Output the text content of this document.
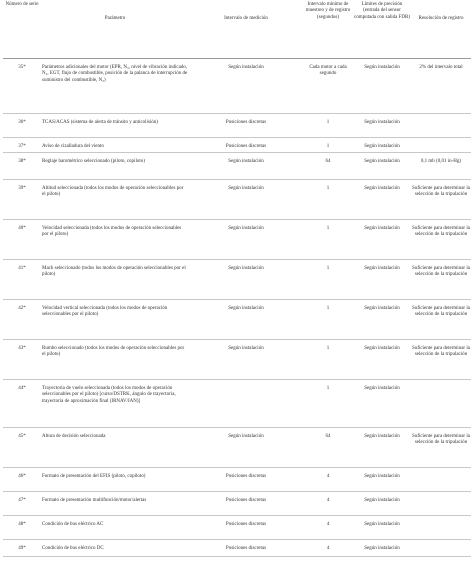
Número de serie	Parámetro	Intervalo de medición	Intervalo mínimo de muestreo y de registro (segundos)	Límites de precisión (entrada del sensor computada con salida FDR)	Resolución de registro

35*	Parámetros adicionales del motor (EPR, N₃, nivel de vibración indicado, N₂, EGT, flujo de combustible, posición de la palanca de interrupción de suministro del combustible, N₃)	Según instalación	Cada motor a cada segundo	Según instalación	2% del intervalo total

36*	TCAS/ACAS (sistema de alerta de tránsito y anticolisión)	Posiciones discretas	1	Según instalación	

37*	Aviso de cizalladura del viento	Posiciones discretas	1	Según instalación	

38*	Reglaje barométrico seleccionado (piloto, copiloto)	Según instalación	64	Según instalación	0,1 mb (0,01 in-Hg)

39*	Altitud seleccionada (todos los modos de operación seleccionables por el piloto)	Según instalación	1	Según instalación	Suficiente para determinar la selección de la tripulación

40*	Velocidad seleccionada (todos los modos de operación seleccionables por el piloto)	Según instalación	1	Según instalación	Suficiente para determinar la selección de la tripulación

41*	Mach seleccionado (todos los modos de operación seleccionables por el piloto)	Según instalación	1	Según instalación	Suficiente para determinar la selección de la tripulación

42*	Velocidad vertical seleccionada (todos los modos de operación seleccionables por el piloto)	Según instalación	1	Según instalación	Suficiente para determinar la selección de la tripulación

43*	Rumbo seleccionado (todos los modos de operación seleccionables por el piloto)	Según instalación	1	Según instalación	Suficiente para determinar la selección de la tripulación

44*	Trayectoria de vuelo seleccionada (todos los modos de operación seleccionables por el piloto) [curso/DSTRK, ángulo de trayectoria, trayectoria de aproximación final (IRNAV/IAN)]		1	Según instalación	

45*	Altura de decisión seleccionada	Según instalación	64	Según instalación	Suficiente para determinar la selección de la tripulación

46*	Formato de presentación del EFIS (piloto, copiloto)	Posiciones discretas	4	Según instalación	

47*	Formato de presentación multifunción/motor/alertas	Posiciones discretas	4	Según instalación	

48*	Condición de bus eléctrico AC	Posiciones discretas	4	Según instalación	

49*	Condición de bus eléctrico DC	Posiciones discretas	4	Según instalación	
